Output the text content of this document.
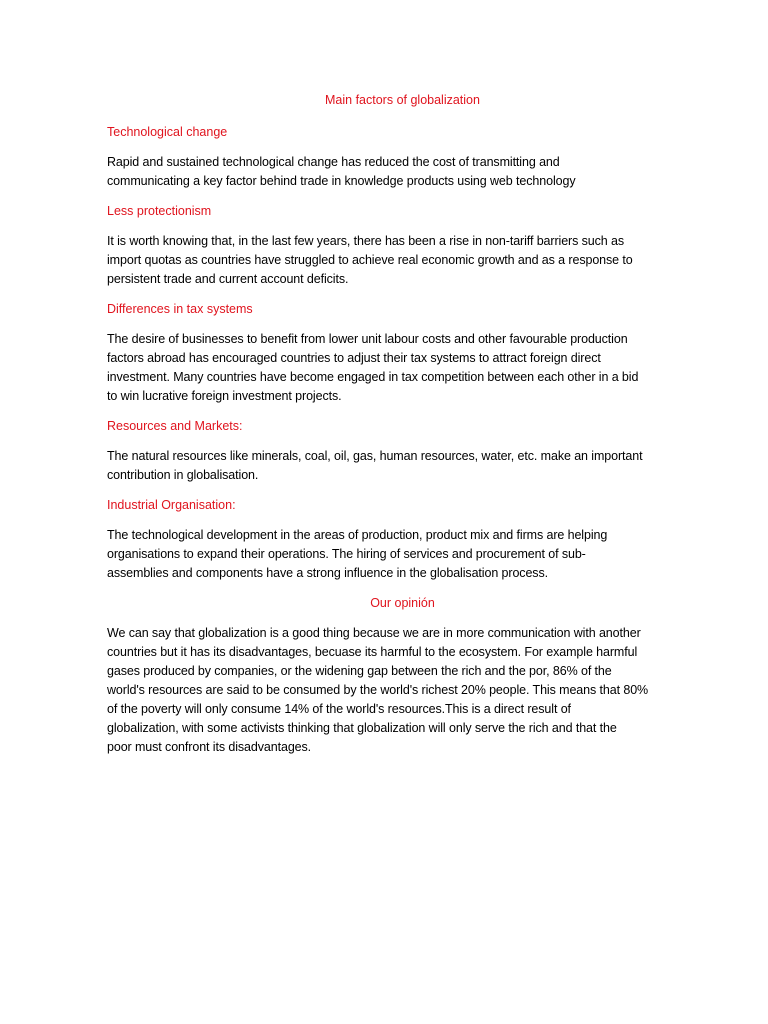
Main factors of globalization
Technological change
Rapid and sustained technological change has reduced the cost of transmitting and
communicating a key factor behind trade in knowledge products using web technology
Less protectionism
It is worth knowing that, in the last few years, there has been a rise in non-tariff barriers such as
import quotas as countries have struggled to achieve real economic growth and as a response to
persistent trade and current account deficits.
Differences in tax systems
The desire of businesses to benefit from lower unit labour costs and other favourable production
factors abroad has encouraged countries to adjust their tax systems to attract foreign direct
investment. Many countries have become engaged in tax competition between each other in a bid
to win lucrative foreign investment projects.
Resources and Markets:
The natural resources like minerals, coal, oil, gas, human resources, water, etc. make an important
contribution in globalisation.
Industrial Organisation:
The technological development in the areas of production, product mix and firms are helping
organisations to expand their operations. The hiring of services and procurement of sub-
assemblies and components have a strong influence in the globalisation process.
Our opinión
We can say that globalization is a good thing because we are in more communication with another
countries but it has its disadvantages, becuase its harmful to the ecosystem. For example harmful
gases produced by companies, or the widening gap between the rich and the por, 86% of the
world's resources are said to be consumed by the world's richest 20% people. This means that 80%
of the poverty will only consume 14% of the world's resources.This is a direct result of
globalization, with some activists thinking that globalization will only serve the rich and that the
poor must confront its disadvantages.
